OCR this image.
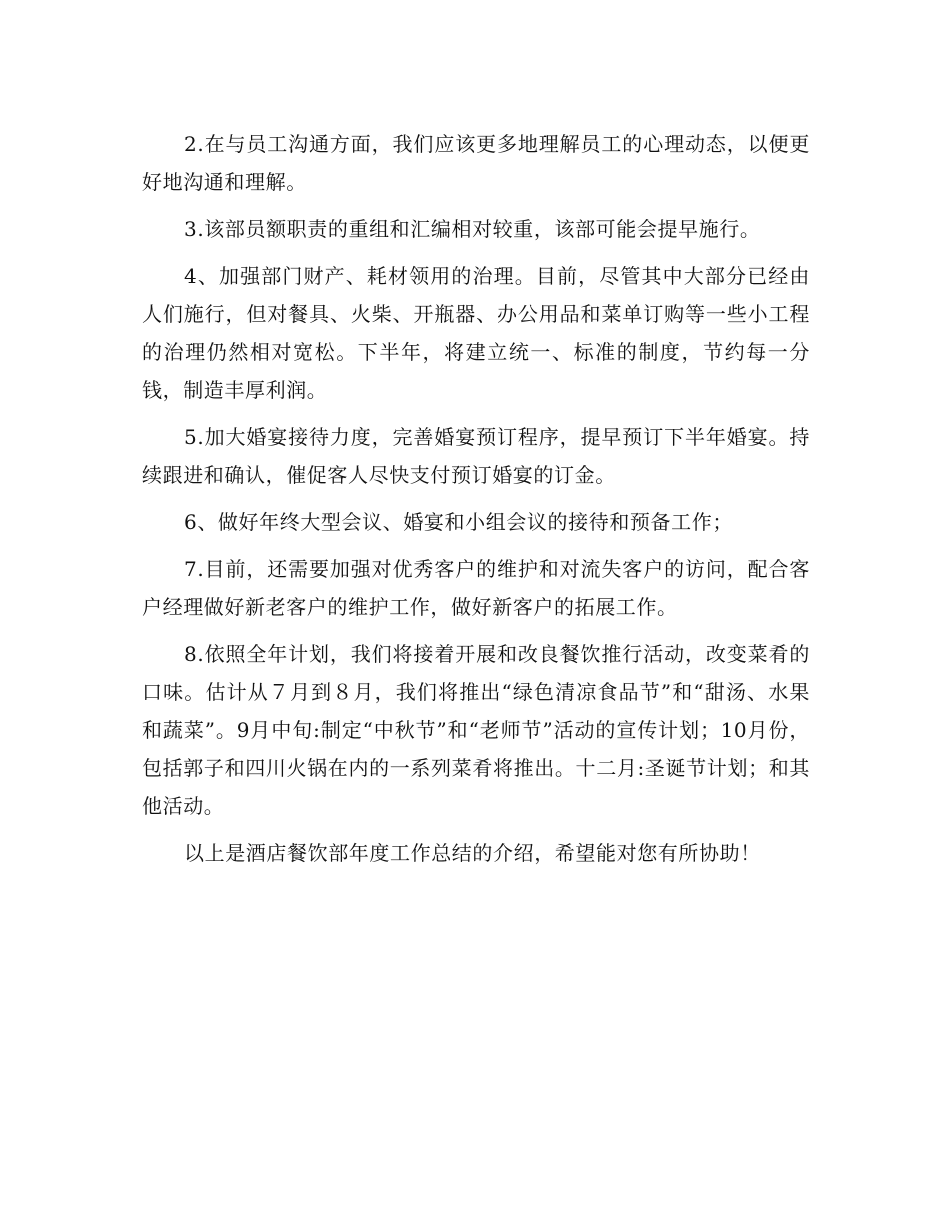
2.在与员工沟通方面，我们应该更多地理解员工的心理动态，以便更好地沟通和理解。

3.该部员额职责的重组和汇编相对较重，该部可能会提早施行。

4、加强部门财产、耗材领用的治理。目前，尽管其中大部分已经由人们施行，但对餐具、火柴、开瓶器、办公用品和菜单订购等一些小工程的治理仍然相对宽松。下半年，将建立统一、标准的制度，节约每一分钱，制造丰厚利润。

5.加大婚宴接待力度，完善婚宴预订程序，提早预订下半年婚宴。持续跟进和确认，催促客人尽快支付预订婚宴的订金。

6、做好年终大型会议、婚宴和小组会议的接待和预备工作；

7.目前，还需要加强对优秀客户的维护和对流失客户的访问，配合客户经理做好新老客户的维护工作，做好新客户的拓展工作。

8.依照全年计划，我们将接着开展和改良餐饮推行活动，改变菜肴的口味。估计从７月到８月，我们将推出“绿色清凉食品节”和“甜汤、水果和蔬菜”。9月中旬:制定“中秋节”和“老师节”活动的宣传计划；10月份，包括郭子和四川火锅在内的一系列菜肴将推出。十二月:圣诞节计划；和其他活动。

以上是酒店餐饮部年度工作总结的介绍，希望能对您有所协助！
